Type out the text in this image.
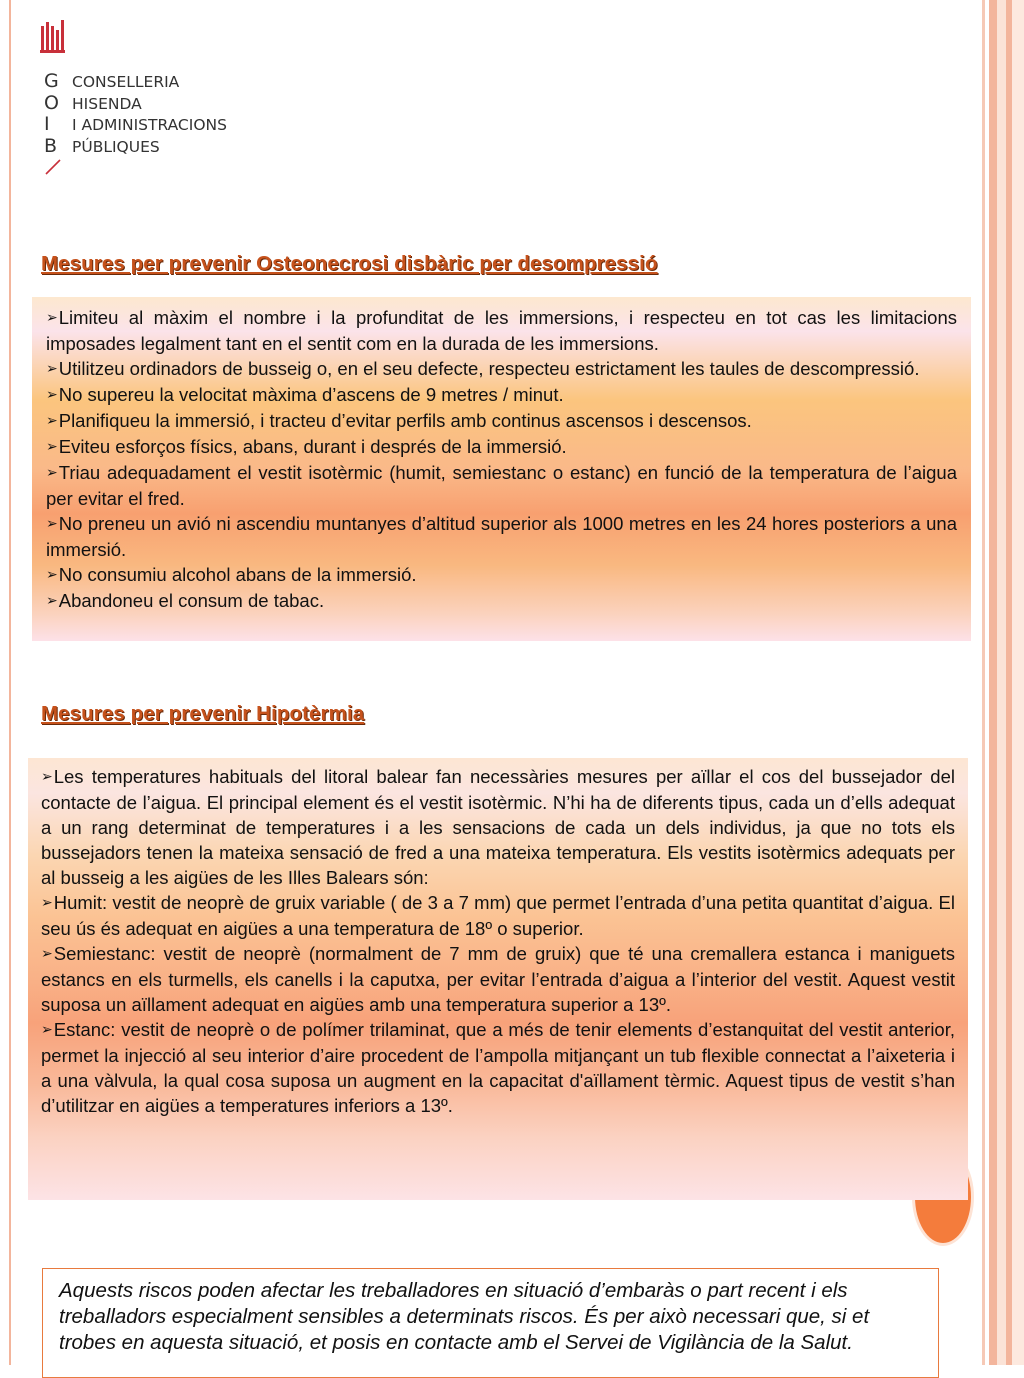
G
O
I
B
CONSELLERIA
HISENDA
I ADMINISTRACIONS
PÚBLIQUES
Mesures per prevenir Osteonecrosi disbàric per desompressió

➢Limiteu al màxim el nombre i la profunditat de les immersions, i respecteu en tot cas les limitacions imposades legalment tant en el sentit com en la durada de les immersions.

➢Utilitzeu ordinadors de busseig o, en el seu defecte, respecteu estrictament les taules de descompressió.

➢No supereu la velocitat màxima d’ascens de 9 metres / minut.

➢Planifiqueu la immersió, i tracteu d’evitar perfils amb continus ascensos i descensos.

➢Eviteu esforços físics, abans, durant i després de la immersió.

➢Triau adequadament el vestit isotèrmic (humit, semiestanc o estanc) en funció de la temperatura de l’aigua per evitar el fred.

➢No preneu un avió ni ascendiu muntanyes d’altitud superior als 1000 metres en les 24 hores posteriors a una immersió.

➢No consumiu alcohol abans de la immersió.

➢Abandoneu el consum de tabac.

Mesures per prevenir Hipotèrmia

➢Les temperatures habituals del litoral balear fan necessàries mesures per aïllar el cos del bussejador del contacte de l’aigua. El principal element és el vestit isotèrmic. N’hi ha de diferents tipus, cada un d’ells adequat a un rang determinat de temperatures i a les sensacions de cada un dels individus, ja que no tots els bussejadors tenen la mateixa sensació de fred a una mateixa temperatura. Els vestits isotèrmics adequats per al busseig a les aigües de les Illes Balears són:

➢Humit: vestit de neoprè de gruix variable ( de 3 a 7 mm) que permet l’entrada d’una petita quantitat d’aigua. El seu ús és adequat en aigües a una temperatura de 18º o superior.

➢Semiestanc: vestit de neoprè (normalment de 7 mm de gruix) que té una cremallera estanca i maniguets estancs en els turmells, els canells i la caputxa, per evitar l’entrada d’aigua a l’interior del vestit. Aquest vestit suposa un aïllament adequat en aigües amb una temperatura superior a 13º.

➢Estanc: vestit de neoprè o de polímer trilaminat, que a més de tenir elements d’estanquitat del vestit anterior, permet la injecció al seu interior d’aire procedent de l’ampolla mitjançant un tub flexible connectat a l’aixeteria i a una vàlvula, la qual cosa suposa un augment en la capacitat d'aïllament tèrmic. Aquest tipus de vestit s’han d’utilitzar en aigües a temperatures inferiors a 13º.

Aquests riscos poden afectar les treballadores en situació d’embaràs o part recent i els treballadors especialment sensibles a determinats riscos. És per això necessari que, si et trobes en aquesta situació, et posis en contacte amb el Servei de Vigilància de la Salut.
